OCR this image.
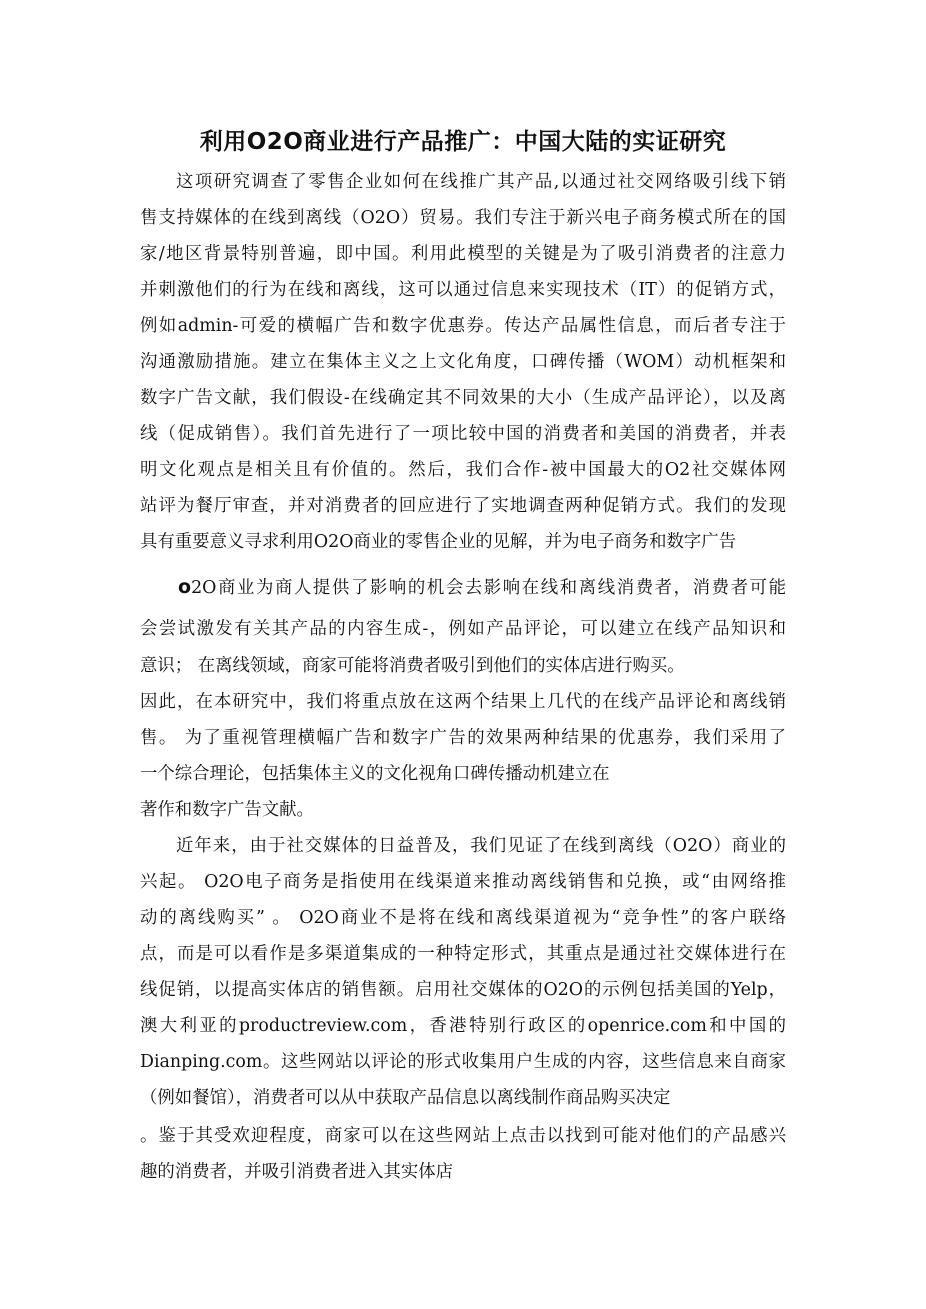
利用O2O商业进行产品推广：中国大陆的实证研究
这项研究调查了零售企业如何在线推广其产品,以通过社交网络吸引线下销
售支持媒体的在线到离线（O2O）贸易。我们专注于新兴电子商务模式所在的国
家/地区背景特别普遍，即中国。利用此模型的关键是为了吸引消费者的注意力
并刺激他们的行为在线和离线，这可以通过信息来实现技术（IT）的促销方式，
例如admin-可爱的横幅广告和数字优惠券。传达产品属性信息，而后者专注于
沟通激励措施。建立在集体主义之上文化角度，口碑传播（WOM）动机框架和
数字广告文献，我们假设-在线确定其不同效果的大小（生成产品评论），以及离
线（促成销售）。我们首先进行了一项比较中国的消费者和美国的消费者，并表
明文化观点是相关且有价值的。然后，我们合作-被中国最大的O2社交媒体网
站评为餐厅审查，并对消费者的回应进行了实地调查两种促销方式。我们的发现
具有重要意义寻求利用O2O商业的零售企业的见解，并为电子商务和数字广告
o2O商业为商人提供了影响的机会去影响在线和离线消费者，消费者可能
会尝试激发有关其产品的内容生成-，例如产品评论，可以建立在线产品知识和
意识； 在离线领域，商家可能将消费者吸引到他们的实体店进行购买。
因此，在本研究中，我们将重点放在这两个结果上几代的在线产品评论和离线销
售。 为了重视管理横幅广告和数字广告的效果两种结果的优惠券，我们采用了
一个综合理论，包括集体主义的文化视角口碑传播动机建立在
著作和数字广告文献。
近年来，由于社交媒体的日益普及，我们见证了在线到离线（O2O）商业的
兴起。 O2O电子商务是指使用在线渠道来推动离线销售和兑换，或“由网络推
动的离线购买” 。 O2O商业不是将在线和离线渠道视为“竞争性”的客户联络
点，而是可以看作是多渠道集成的一种特定形式，其重点是通过社交媒体进行在
线促销，以提高实体店的销售额。启用社交媒体的O2O的示例包括美国的Yelp，
澳大利亚的productreview.com，香港特别行政区的openrice.com和中国的
Dianping.com。这些网站以评论的形式收集用户生成的内容，这些信息来自商家
（例如餐馆），消费者可以从中获取产品信息以离线制作商品购买决定
。鉴于其受欢迎程度，商家可以在这些网站上点击以找到可能对他们的产品感兴
趣的消费者，并吸引消费者进入其实体店
